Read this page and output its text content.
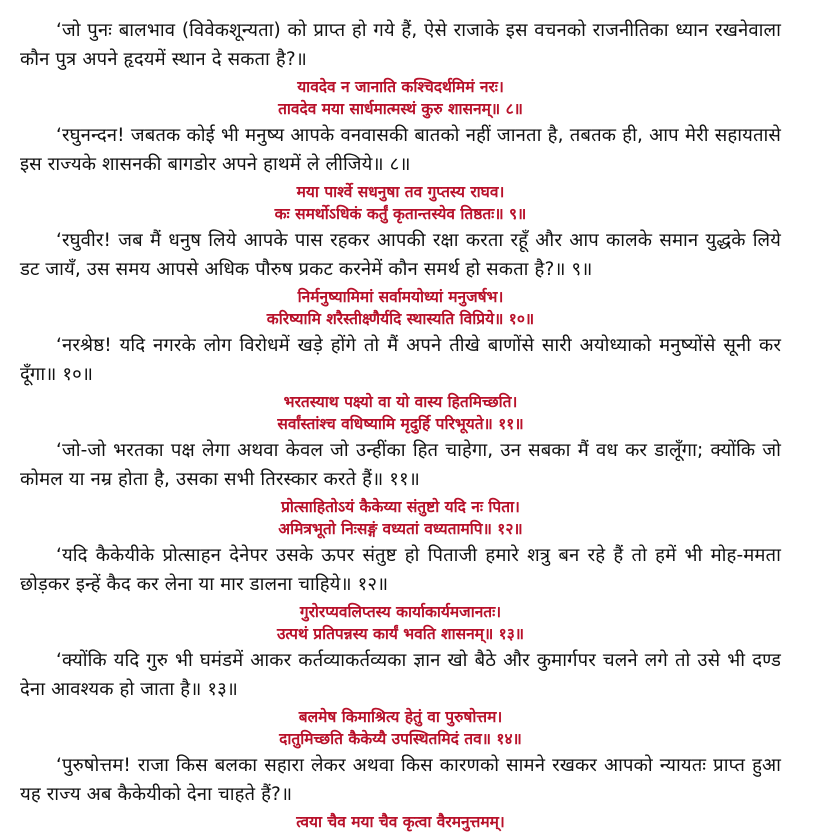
‘जो पुनः बालभाव (विवेकशून्यता) को प्राप्त हो गये हैं, ऐसे राजाके इस वचनको राजनीतिका ध्यान रखनेवाला कौन पुत्र अपने हृदयमें स्थान दे सकता है?॥

यावदेव न जानाति कश्चिदर्थमिमं नरः।

तावदेव मया सार्धमात्मस्थं कुरु शासनम्॥ ८॥

‘रघुनन्दन! जबतक कोई भी मनुष्य आपके वनवासकी बातको नहीं जानता है, तबतक ही, आप मेरी सहायतासे इस राज्यके शासनकी बागडोर अपने हाथमें ले लीजिये॥ ८॥

मया पार्श्वे सधनुषा तव गुप्तस्य राघव।

कः समर्थोऽधिकं कर्तुं कृतान्तस्येव तिष्ठतः॥ ९॥

‘रघुवीर! जब मैं धनुष लिये आपके पास रहकर आपकी रक्षा करता रहूँ और आप कालके समान युद्धके लिये डट जायँ, उस समय आपसे अधिक पौरुष प्रकट करनेमें कौन समर्थ हो सकता है?॥ ९॥

निर्मनुष्यामिमां सर्वामयोध्यां मनुजर्षभ।

करिष्यामि शरैस्तीक्ष्णैर्यदि स्थास्यति विप्रिये॥ १०॥

‘नरश्रेष्ठ! यदि नगरके लोग विरोधमें खड़े होंगे तो मैं अपने तीखे बाणोंसे सारी अयोध्याको मनुष्योंसे सूनी कर दूँगा॥ १०॥

भरतस्याथ पक्ष्यो वा यो वास्य हितमिच्छति।

सर्वांस्तांश्च वधिष्यामि मृदुर्हि परिभूयते॥ ११॥

‘जो-जो भरतका पक्ष लेगा अथवा केवल जो उन्हींका हित चाहेगा, उन सबका मैं वध कर डालूँगा; क्योंकि जो कोमल या नम्र होता है, उसका सभी तिरस्कार करते हैं॥ ११॥

प्रोत्साहितोऽयं कैकेय्या संतुष्टो यदि नः पिता।

अमित्रभूतो निःसङ्गं वध्यतां वध्यतामपि॥ १२॥

‘यदि कैकेयीके प्रोत्साहन देनेपर उसके ऊपर संतुष्ट हो पिताजी हमारे शत्रु बन रहे हैं तो हमें भी मोह-ममता छोड़कर इन्हें कैद कर लेना या मार डालना चाहिये॥ १२॥

गुरोरप्यवलिप्तस्य कार्याकार्यमजानतः।

उत्पथं प्रतिपन्नस्य कार्यं भवति शासनम्॥ १३॥

‘क्योंकि यदि गुरु भी घमंडमें आकर कर्तव्याकर्तव्यका ज्ञान खो बैठे और कुमार्गपर चलने लगे तो उसे भी दण्ड देना आवश्यक हो जाता है॥ १३॥

बलमेष किमाश्रित्य हेतुं वा पुरुषोत्तम।

दातुमिच्छति कैकेय्यै उपस्थितमिदं तव॥ १४॥

‘पुरुषोत्तम! राजा किस बलका सहारा लेकर अथवा किस कारणको सामने रखकर आपको न्यायतः प्राप्त हुआ यह राज्य अब कैकेयीको देना चाहते हैं?॥

त्वया चैव मया चैव कृत्वा वैरमनुत्तमम्।
